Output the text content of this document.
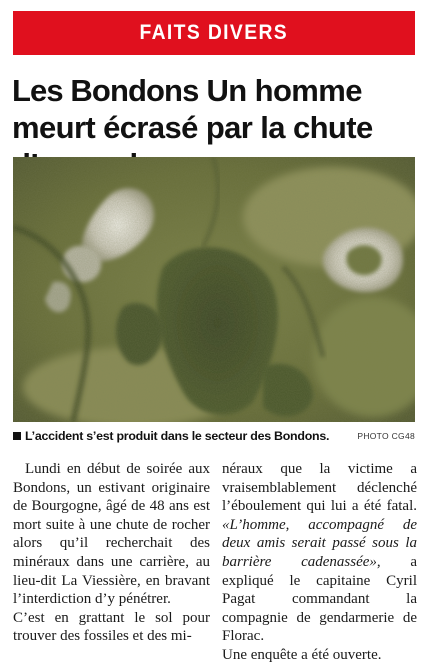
FAITS DIVERS
Les Bondons Un homme meurt écrasé par la chute
L’accident s’est produit dans le secteur des Bondons.	PHOTO CG48

Lundi en début de soirée aux Bondons, un estivant originaire de Bourgogne, âgé de 48 ans est mort suite à une chute de rocher alors qu’il recherchait des minéraux dans une carrière, au lieu-dit La Viessière, en bravant l’interdiction d’y pénétrer.

C’est en grattant le sol pour trouver des fossiles et des mi-

néraux que la victime a vraisemblablement déclenché l’éboulement qui lui a été fatal. «L’homme, accompagné de deux amis serait passé sous la barrière cadenassée», a expliqué le capitaine Cyril Pagat commandant la compagnie de gendarmerie de Florac.

Une enquête a été ouverte.
